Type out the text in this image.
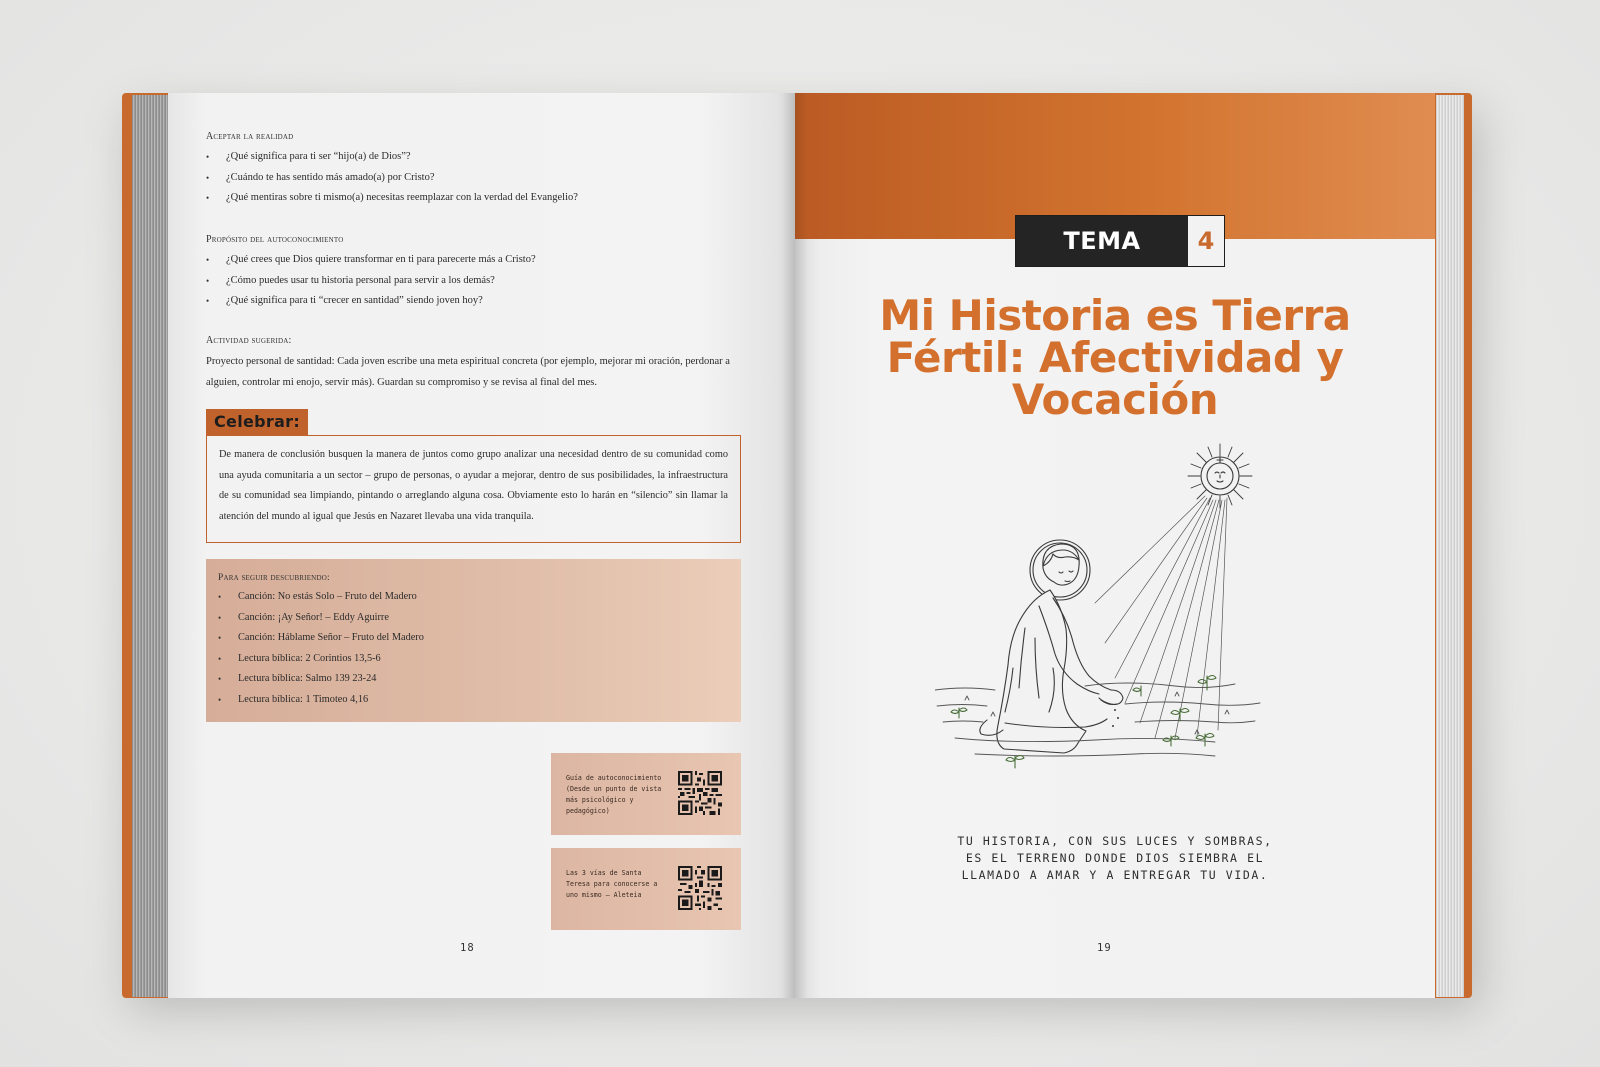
Aceptar la realidad
• ¿Qué significa para ti ser “hijo(a) de Dios”?
• ¿Cuándo te has sentido más amado(a) por Cristo?
• ¿Qué mentiras sobre ti mismo(a) necesitas reemplazar con la verdad del Evangelio?
Propósito del autoconocimiento
• ¿Qué crees que Dios quiere transformar en ti para parecerte más a Cristo?
• ¿Cómo puedes usar tu historia personal para servir a los demás?
• ¿Qué significa para ti “crecer en santidad” siendo joven hoy?
Actividad sugerida:

Proyecto personal de santidad: Cada joven escribe una meta espiritual concreta (por ejemplo, mejorar mi oración, perdonar a alguien, controlar mi enojo, servir más). Guardan su compromiso y se revisa al final del mes.

Celebrar:

De manera de conclusión busquen la manera de juntos como grupo analizar una necesidad dentro de su comunidad como una ayuda comunitaria a un sector – grupo de personas, o ayudar a mejorar, dentro de sus posibilidades, la infraestructura de su comunidad sea limpiando, pintando o arreglando alguna cosa. Obviamente esto lo harán en “silencio” sin llamar la atención del mundo al igual que Jesús en Nazaret llevaba una vida tranquila.

Para seguir descubriendo:
• Canción: No estás Solo – Fruto del Madero
• Canción: ¡Ay Señor! – Eddy Aguirre
• Canción: Háblame Señor – Fruto del Madero
• Lectura bíblica: 2 Corintios 13,5-6
• Lectura bíblica: Salmo 139 23-24
• Lectura bíblica: 1 Timoteo 4,16
Guía de autoconocimiento (Desde un punto de vista más psicológico y pedagógico)
Las 3 vías de Santa Teresa para conocerse a uno mismo – Aleteia
18
TEMA	4
Mi Historia es Tierra Fértil: Afectividad y Vocación
TU HISTORIA, CON SUS LUCES Y SOMBRAS,
ES EL TERRENO DONDE DIOS SIEMBRA EL
LLAMADO A AMAR Y A ENTREGAR TU VIDA.
19
